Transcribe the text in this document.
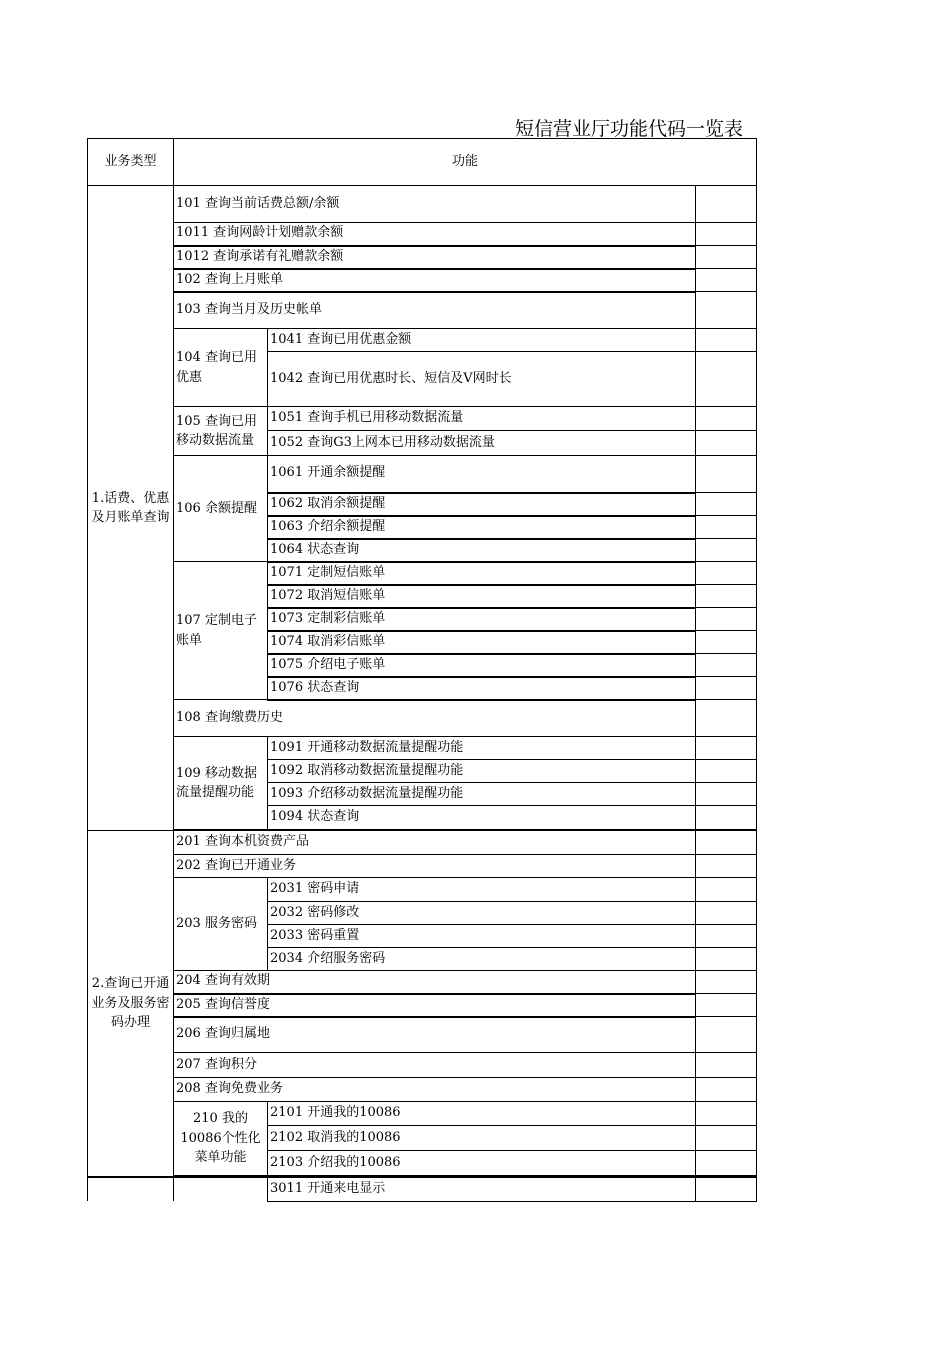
短信营业厅功能代码一览表
业务类型	功能		
1.话费、优惠及月账单查询	101 查询当前话费总额/余额		
	1011 查询网龄计划赠款余额		
	1012 查询承诺有礼赠款余额		
	102 查询上月账单		
	103 查询当月及历史帐单		
	104 查询已用优惠	1041 查询已用优惠金额	
		1042 查询已用优惠时长、短信及V网时长	
	105 查询已用移动数据流量	1051 查询手机已用移动数据流量	
		1052 查询G3上网本已用移动数据流量	
	106 余额提醒	1061 开通余额提醒	
		1062 取消余额提醒	
		1063 介绍余额提醒	
		1064 状态查询	
	107 定制电子账单	1071 定制短信账单	
		1072 取消短信账单	
		1073 定制彩信账单	
		1074 取消彩信账单	
		1075 介绍电子账单	
		1076 状态查询	
	108 查询缴费历史		
	109 移动数据流量提醒功能	1091 开通移动数据流量提醒功能	
		1092 取消移动数据流量提醒功能	
		1093 介绍移动数据流量提醒功能	
		1094 状态查询	

2.查询已开通业务及服务密码办理	201 查询本机资费产品		
	202 查询已开通业务		
	203 服务密码	2031 密码申请	
		2032 密码修改	
		2033 密码重置	
		2034 介绍服务密码	
	204 查询有效期		
	205 查询信誉度		
	206 查询归属地		
	207 查询积分		
	208 查询免费业务		
	210 我的10086个性化菜单功能	2101 开通我的10086	
		2102 取消我的10086	
		2103 介绍我的10086	

		3011 开通来电显示	
